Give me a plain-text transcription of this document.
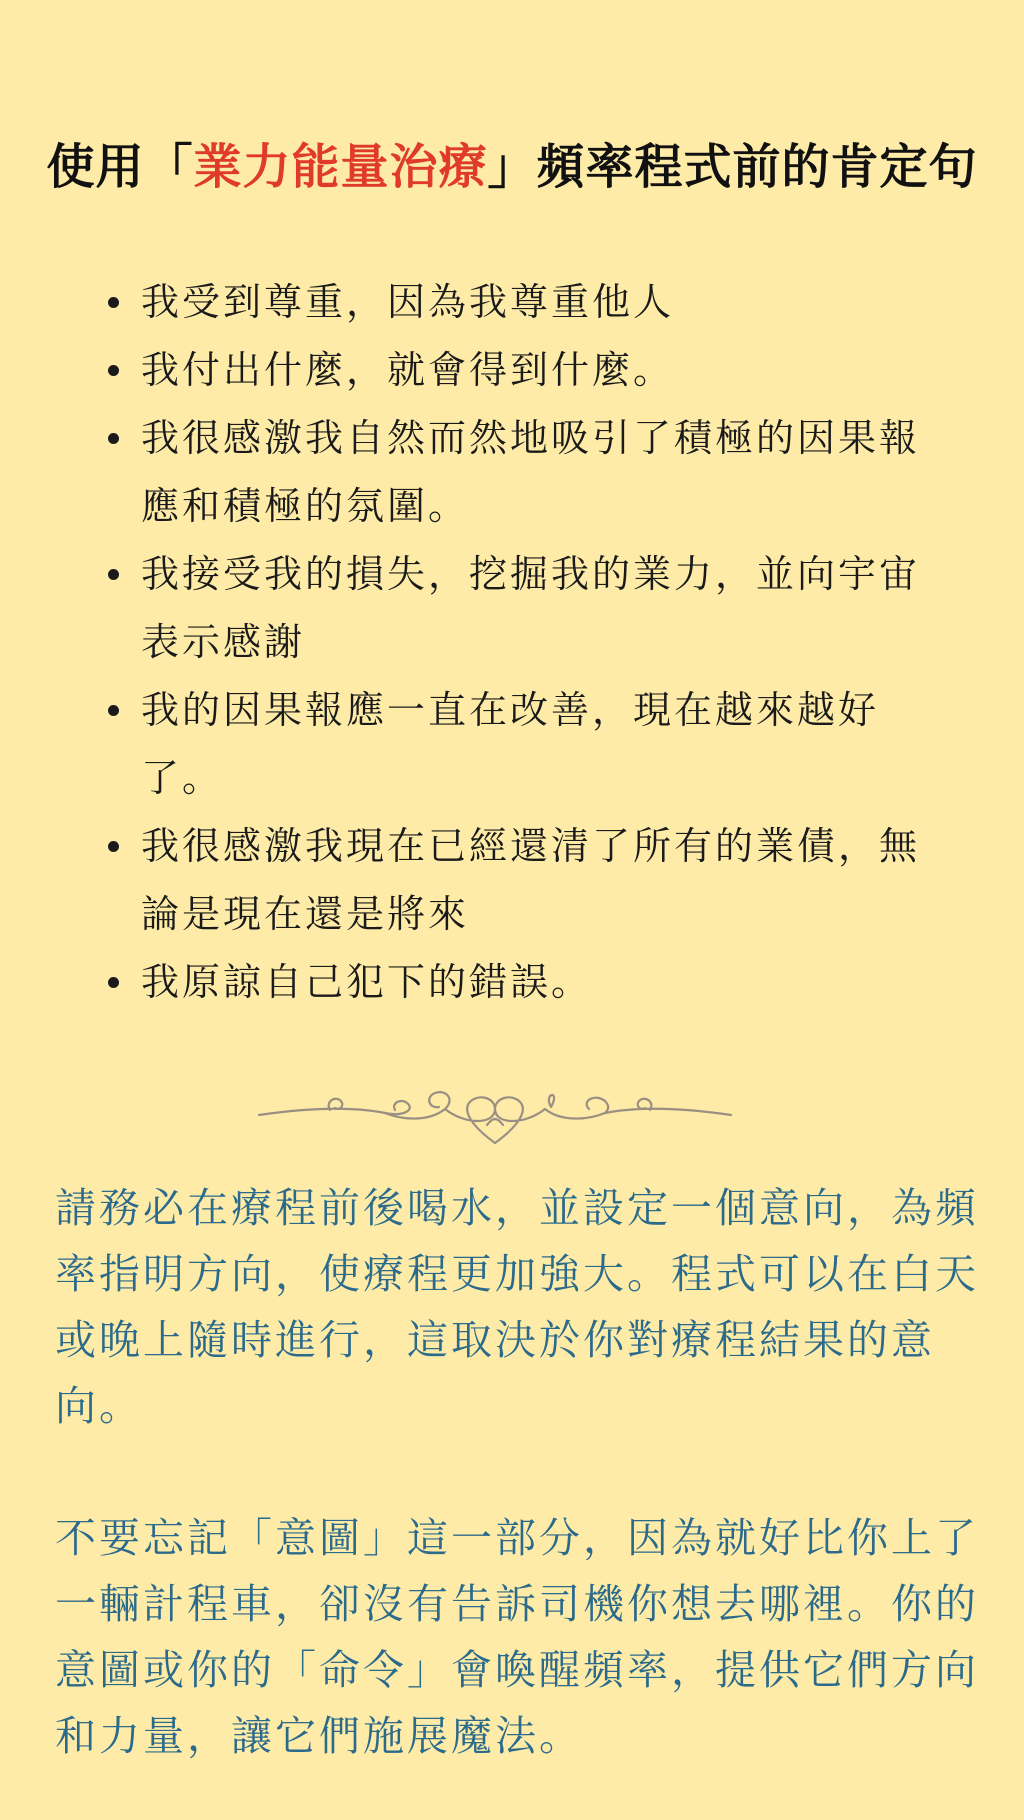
使用「業力能量治療」頻率程式前的肯定句
我受到尊重，因為我尊重他人
我付出什麼，就會得到什麼。
我很感激我自然而然地吸引了積極的因果報應和積極的氛圍。
我接受我的損失，挖掘我的業力，並向宇宙表示感謝
我的因果報應一直在改善，現在越來越好了。
我很感激我現在已經還清了所有的業債，無論是現在還是將來
我原諒自己犯下的錯誤。

請務必在療程前後喝水，並設定一個意向，為頻率指明方向，使療程更加強大。程式可以在白天或晚上隨時進行，這取決於你對療程結果的意向。

不要忘記「意圖」這一部分，因為就好比你上了一輛計程車，卻沒有告訴司機你想去哪裡。你的意圖或你的「命令」會喚醒頻率，提供它們方向和力量，讓它們施展魔法。
